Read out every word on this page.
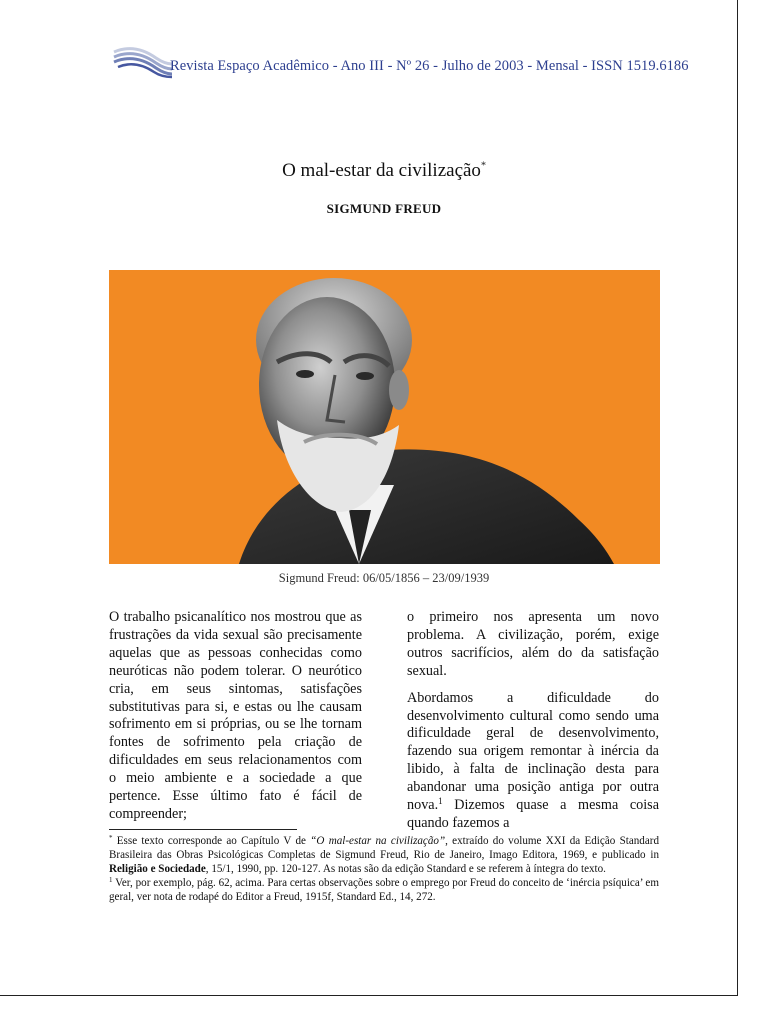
Revista Espaço Acadêmico - Ano III - Nº 26 - Julho de 2003 - Mensal - ISSN 1519.6186
O mal-estar da civilização*
SIGMUND FREUD
Sigmund Freud: 06/05/1856 – 23/09/1939

O trabalho psicanalítico nos mostrou que as frustrações da vida sexual são precisamente aquelas que as pessoas conhecidas como neuróticas não podem tolerar. O neurótico cria, em seus sintomas, satisfações substitutivas para si, e estas ou lhe causam sofrimento em si próprias, ou se lhe tornam fontes de sofrimento pela criação de dificuldades em seus relacionamentos com o meio ambiente e a sociedade a que pertence. Esse último fato é fácil de compreender;

o primeiro nos apresenta um novo problema. A civilização, porém, exige outros sacrifícios, além do da satisfação sexual.

Abordamos a dificuldade do desenvolvimento cultural como sendo uma dificuldade geral de desenvolvimento, fazendo sua origem remontar à inércia da libido, à falta de inclinação desta para abandonar uma posição antiga por outra nova.$^1$ Dizemos quase a mesma coisa quando fazemos a

* Esse texto corresponde ao Capítulo V de “O mal-estar na civilização”, extraído do volume XXI da Edição Standard Brasileira das Obras Psicológicas Completas de Sigmund Freud, Rio de Janeiro, Imago Editora, 1969, e publicado in Religião e Sociedade, 15/1, 1990, pp. 120-127. As notas são da edição Standard e se referem à íntegra do texto.

$^1$ Ver, por exemplo, pág. 62, acima. Para certas observações sobre o emprego por Freud do conceito de ‘inércia psíquica’ em geral, ver nota de rodapé do Editor a Freud, 1915f, Standard Ed., 14, 272.
